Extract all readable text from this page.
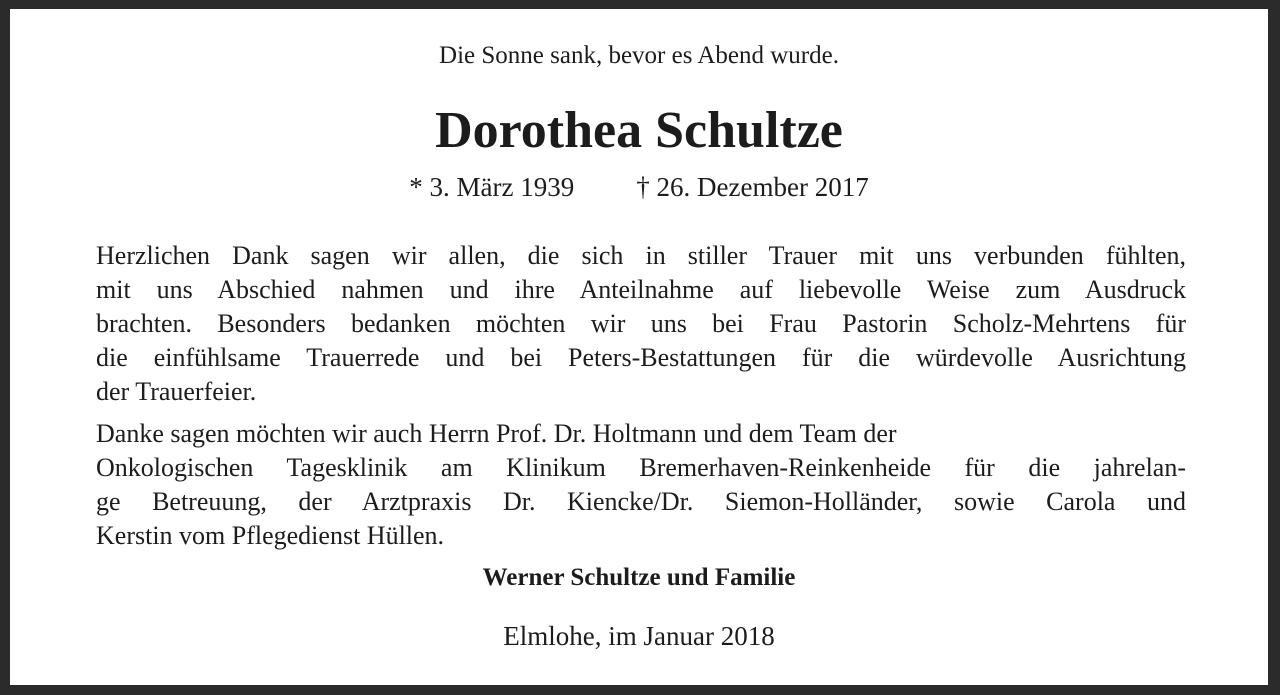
Die Sonne sank, bevor es Abend wurde.
Dorothea Schultze
* 3. März 1939 † 26. Dezember 2017
Herzlichen Dank sagen wir allen, die sich in stiller Trauer mit uns verbunden fühlten,
mit uns Abschied nahmen und ihre Anteilnahme auf liebevolle Weise zum Ausdruck
brachten. Besonders bedanken möchten wir uns bei Frau Pastorin Scholz-Mehrtens für
die einfühlsame Trauerrede und bei Peters-Bestattungen für die würdevolle Ausrichtung
der Trauerfeier.
Danke sagen möchten wir auch Herrn Prof. Dr. Holtmann und dem Team der
Onkologischen Tagesklinik am Klinikum Bremerhaven-Reinkenheide für die jahrelan-
ge Betreuung, der Arztpraxis Dr. Kiencke/Dr. Siemon-Holländer, sowie Carola und
Kerstin vom Pflegedienst Hüllen.
Werner Schultze und Familie
Elmlohe, im Januar 2018
